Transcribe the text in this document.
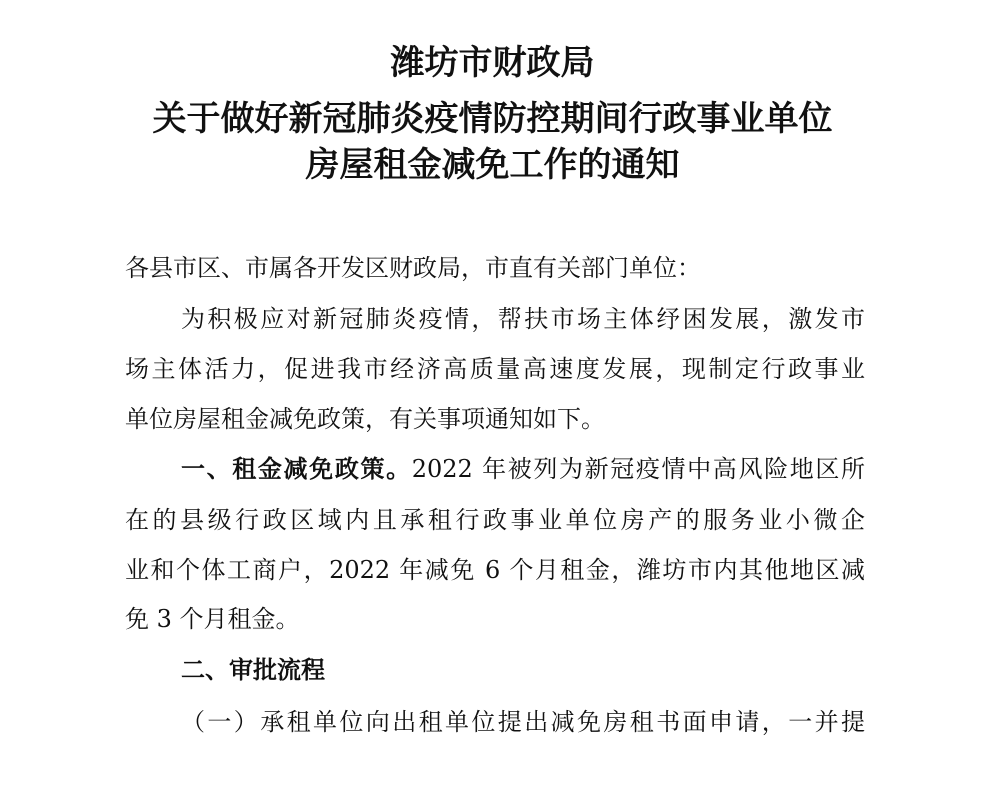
潍坊市财政局
关于做好新冠肺炎疫情防控期间行政事业单位
房屋租金减免工作的通知
各县市区、市属各开发区财政局，市直有关部门单位：
为积极应对新冠肺炎疫情，帮扶市场主体纾困发展，激发市
场主体活力，促进我市经济高质量高速度发展，现制定行政事业
单位房屋租金减免政策，有关事项通知如下。
一、租金减免政策。2022 年被列为新冠疫情中高风险地区所
在的县级行政区域内且承租行政事业单位房产的服务业小微企
业和个体工商户，2022 年减免 6 个月租金，潍坊市内其他地区减
免 3 个月租金。
二、审批流程
（一）承租单位向出租单位提出减免房租书面申请，一并提
